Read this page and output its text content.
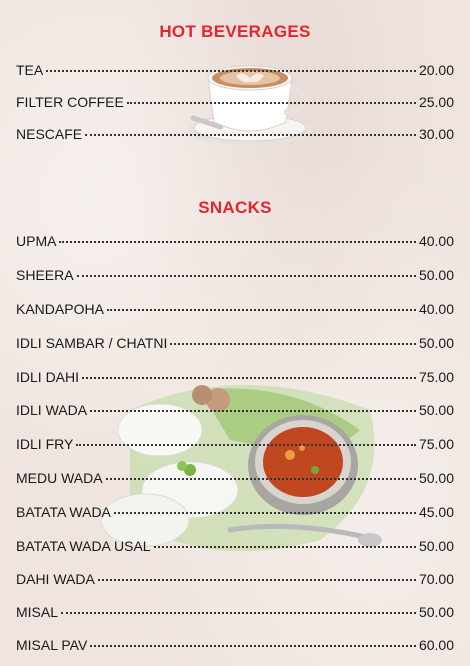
HOT BEVERAGES
TEA	20.00
FILTER COFFEE	25.00
NESCAFE	30.00
SNACKS
UPMA	40.00
SHEERA	50.00
KANDAPOHA	40.00
IDLI SAMBAR / CHATNI	50.00
IDLI DAHI	75.00
IDLI WADA	50.00
IDLI FRY	75.00
MEDU WADA	50.00
BATATA WADA	45.00
BATATA WADA USAL	50.00
DAHI WADA	70.00
MISAL	50.00
MISAL PAV	60.00
